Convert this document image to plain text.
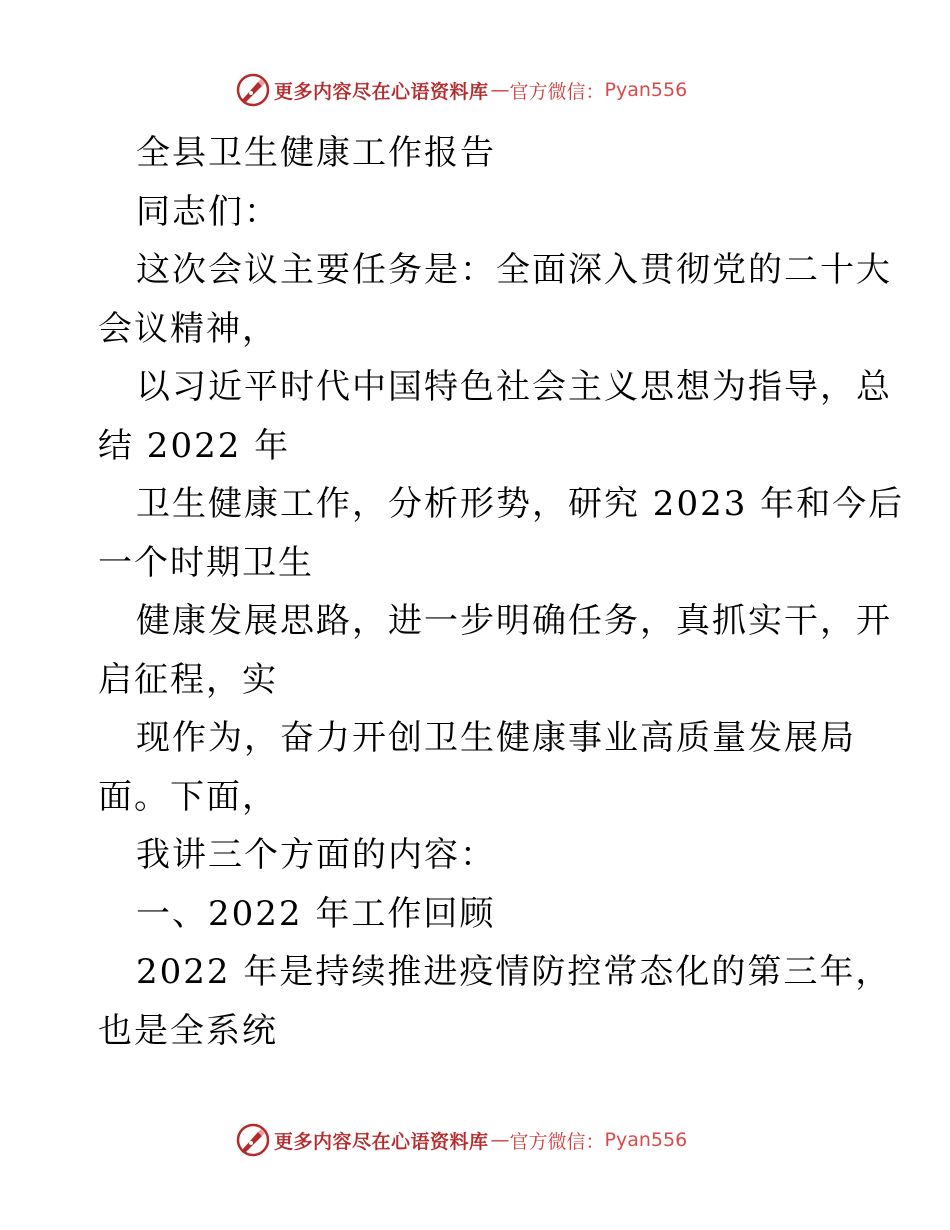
更多内容尽在心语资料库 — 官方微信： Pyan556
全县卫生健康工作报告
同志们：
这次会议主要任务是：全面深入贯彻党的二十大
会议精神，
以习近平时代中国特色社会主义思想为指导，总
结 2022 年
卫生健康工作，分析形势，研究 2023 年和今后
一个时期卫生
健康发展思路，进一步明确任务，真抓实干，开
启征程，实
现作为，奋力开创卫生健康事业高质量发展局
面。下面，
我讲三个方面的内容：
一、2022 年工作回顾
2022 年是持续推进疫情防控常态化的第三年，
也是全系统
更多内容尽在心语资料库 — 官方微信： Pyan556
